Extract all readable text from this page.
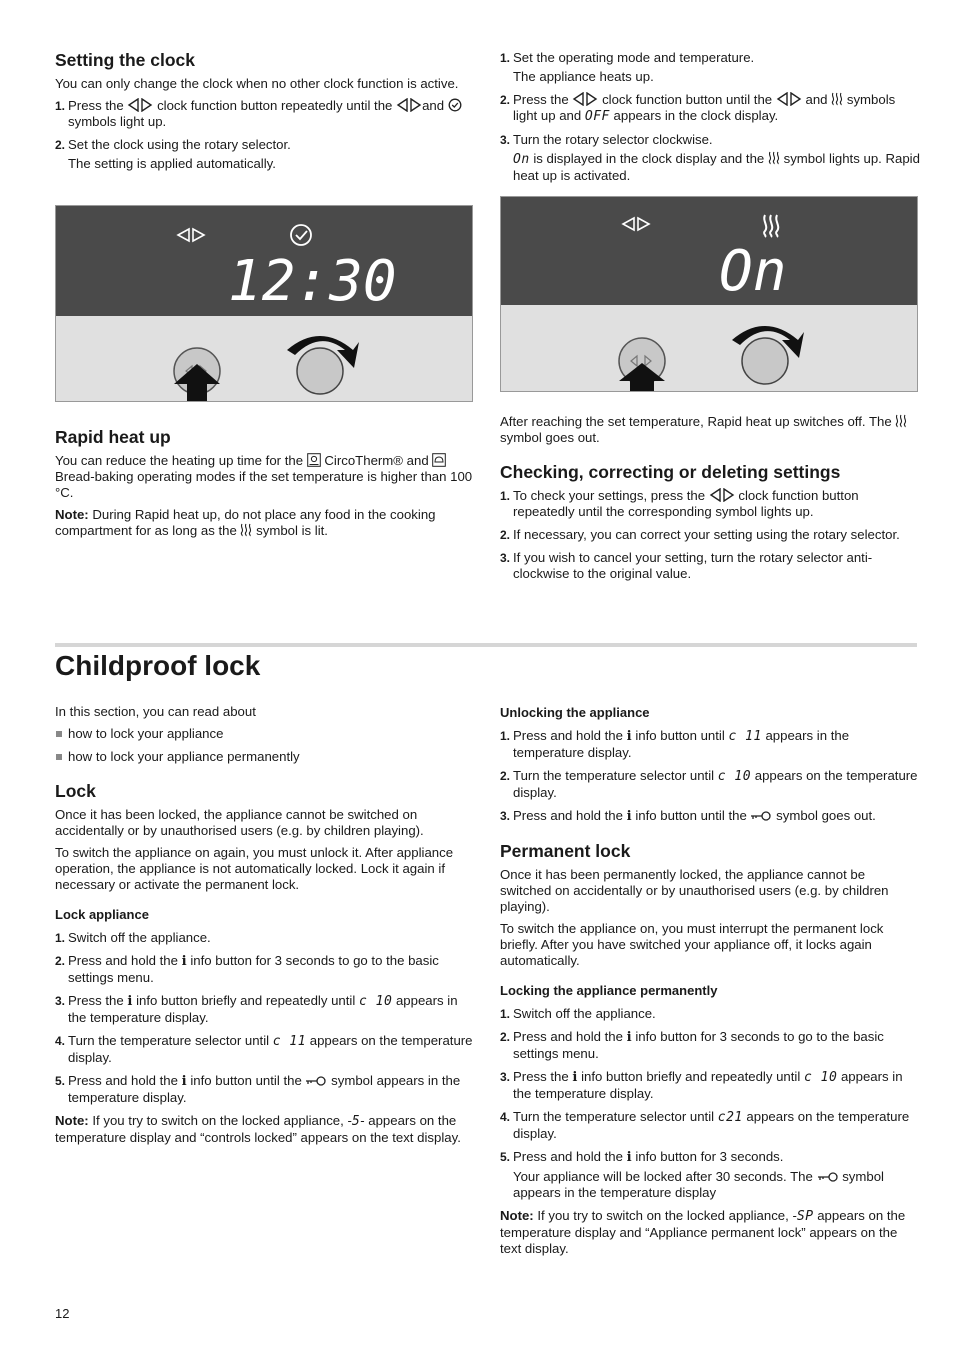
Setting the clock

You can only change the clock when no other clock function is active.

1. Press the	clock function button repeatedly until the and  symbols light up.
2. Set the clock using the rotary selector.
The setting is applied automatically.
12:30
Rapid heat up

You can reduce the heating up time for the CircoTherm® and  Bread-baking operating modes if the set temperature is higher than 100 °C.

Note: During Rapid heat up, do not place any food in the cooking compartment for as long as the symbol is lit.

1. Set the operating mode and temperature.
The appliance heats up.
2. Press the	clock function button until the	and symbols light up and OFF appears in the clock display.
3. Turn the rotary selector clockwise.
On is displayed in the clock display and the symbol lights up. Rapid heat up is activated.
On

After reaching the set temperature, Rapid heat up switches off. The  symbol goes out.

Checking, correcting or deleting settings
1. To check your settings, press the	clock function button repeatedly until the corresponding symbol lights up.
2. If necessary, you can correct your setting using the rotary selector.
3. If you wish to cancel your setting, turn the rotary selector anti-clockwise to the original value.
Childproof lock

In this section, you can read about

how to lock your appliance
how to lock your appliance permanently
Lock

Once it has been locked, the appliance cannot be switched on accidentally or by unauthorised users (e.g. by children playing).

To switch the appliance on again, you must unlock it. After appliance operation, the appliance is not automatically locked. Lock it again if necessary or activate the permanent lock.

Lock appliance
1. Switch off the appliance.
2. Press and hold the i info button for 3 seconds to go to the basic settings menu.
3. Press the i info button briefly and repeatedly until c 10 appears in the temperature display.
4. Turn the temperature selector until c 11 appears on the temperature display.
5. Press and hold the i info button until the symbol appears in the temperature display.

Note: If you try to switch on the locked appliance, -5- appears on the temperature display and “controls locked” appears on the text display.

Unlocking the appliance
1. Press and hold the i info button until c 11 appears in the temperature display.
2. Turn the temperature selector until c 10 appears on the temperature display.
3. Press and hold the i info button until the symbol goes out.
Permanent lock

Once it has been permanently locked, the appliance cannot be switched on accidentally or by unauthorised users (e.g. by children playing).

To switch the appliance on, you must interrupt the permanent lock briefly. After you have switched your appliance off, it locks again automatically.

Locking the appliance permanently
1. Switch off the appliance.
2. Press and hold the i info button for 3 seconds to go to the basic settings menu.
3. Press the i info button briefly and repeatedly until c 10 appears in the temperature display.
4. Turn the temperature selector until c21 appears on the temperature display.
5. Press and hold the i info button for 3 seconds.
Your appliance will be locked after 30 seconds. The symbol appears in the temperature display

Note: If you try to switch on the locked appliance, -SP appears on the temperature display and “Appliance permanent lock” appears on the text display.

12
